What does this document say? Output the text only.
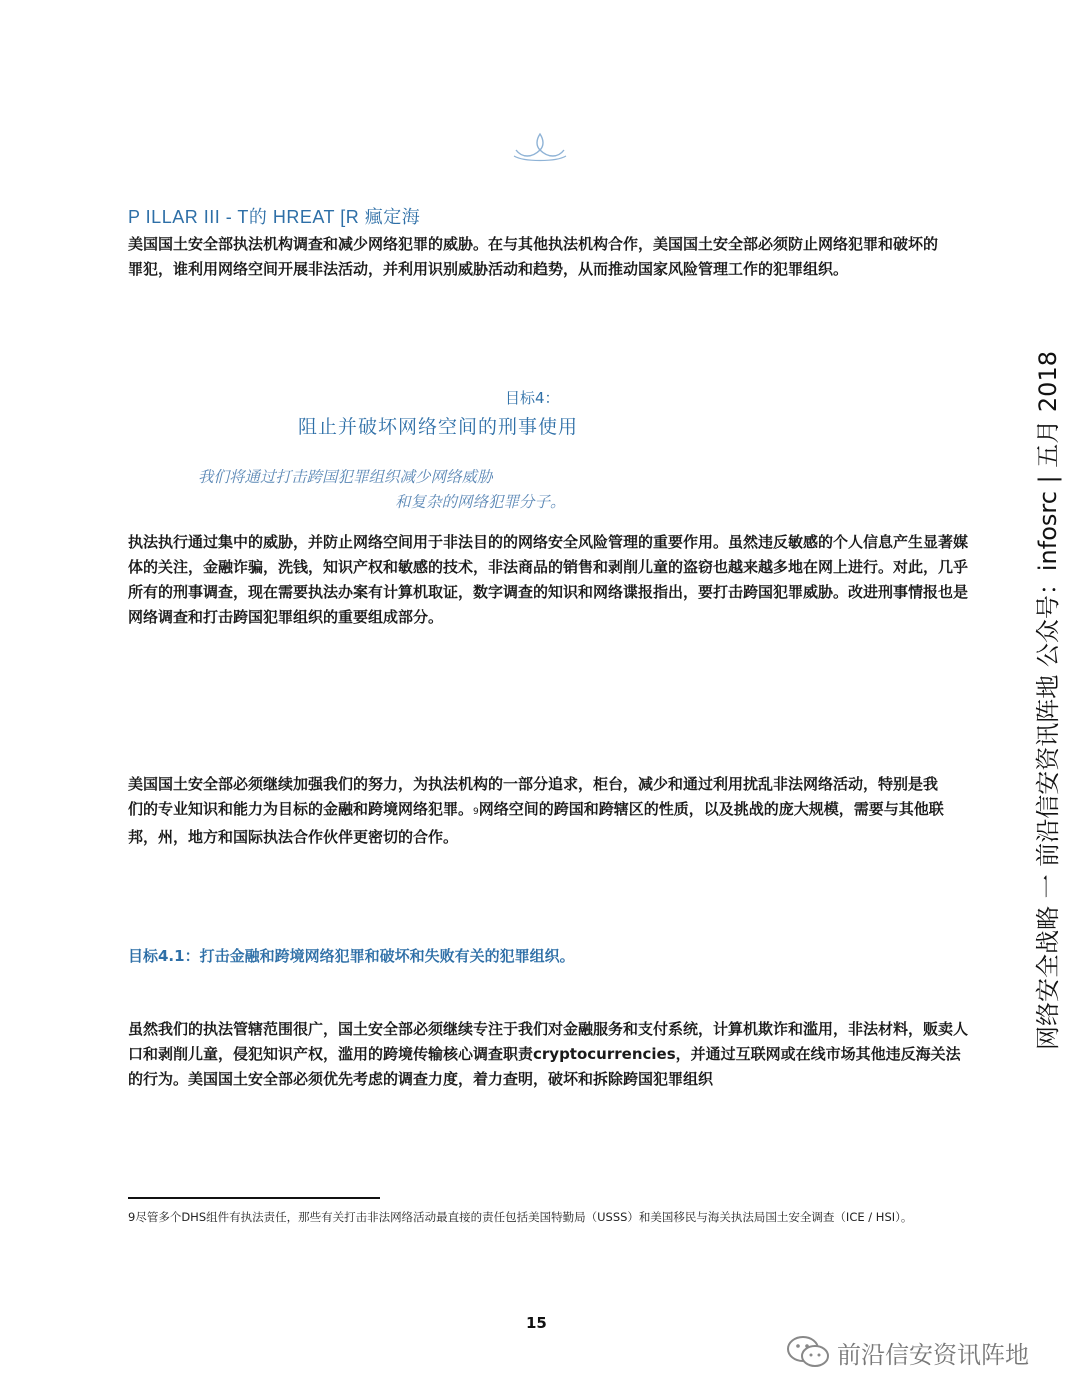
P ILLAR III - T的 HREAT [R 瘋定海

美国国土安全部执法机构调查和减少网络犯罪的威胁。在与其他执法机构合作，美国国土安全部必须防止网络犯罪和破坏的罪犯，谁利用网络空间开展非法活动，并利用识别威胁活动和趋势，从而推动国家风险管理工作的犯罪组织。

目标4：
阻止并破坏网络空间的刑事使用
我们将通过打击跨国犯罪组织减少网络威胁
和复杂的网络犯罪分子。

执法执行通过集中的威胁，并防止网络空间用于非法目的的网络安全风险管理的重要作用。虽然违反敏感的个人信息产生显著媒体的关注，金融诈骗，洗钱，知识产权和敏感的技术，非法商品的销售和剥削儿童的盗窃也越来越多地在网上进行。对此，几乎所有的刑事调查，现在需要执法办案有计算机取证，数字调查的知识和网络谍报指出，要打击跨国犯罪威胁。改进刑事情报也是网络调查和打击跨国犯罪组织的重要组成部分。

美国国土安全部必须继续加强我们的努力，为执法机构的一部分追求，柜台，减少和通过利用扰乱非法网络活动，特别是我们的专业知识和能力为目标的金融和跨境网络犯罪。9网络空间的跨国和跨辖区的性质，以及挑战的庞大规模，需要与其他联邦，州，地方和国际执法合作伙伴更密切的合作。

目标4.1：打击金融和跨境网络犯罪和破坏和失败有关的犯罪组织。

虽然我们的执法管辖范围很广，国土安全部必须继续专注于我们对金融服务和支付系统，计算机欺诈和滥用，非法材料，贩卖人口和剥削儿童，侵犯知识产权，滥用的跨境传输核心调查职责cryptocurrencies，并通过互联网或在线市场其他违反海关法的行为。美国国土安全部必须优先考虑的调查力度，着力查明，破坏和拆除跨国犯罪组织

9尽管多个DHS组件有执法责任，那些有关打击非法网络活动最直接的责任包括美国特勤局（USSS）和美国移民与海关执法局国土安全调查（ICE / HSI）。

15
网络安全战略 一 前沿信安资讯阵地 公众号：infosrc | 五月 2018
前沿信安资讯阵地
